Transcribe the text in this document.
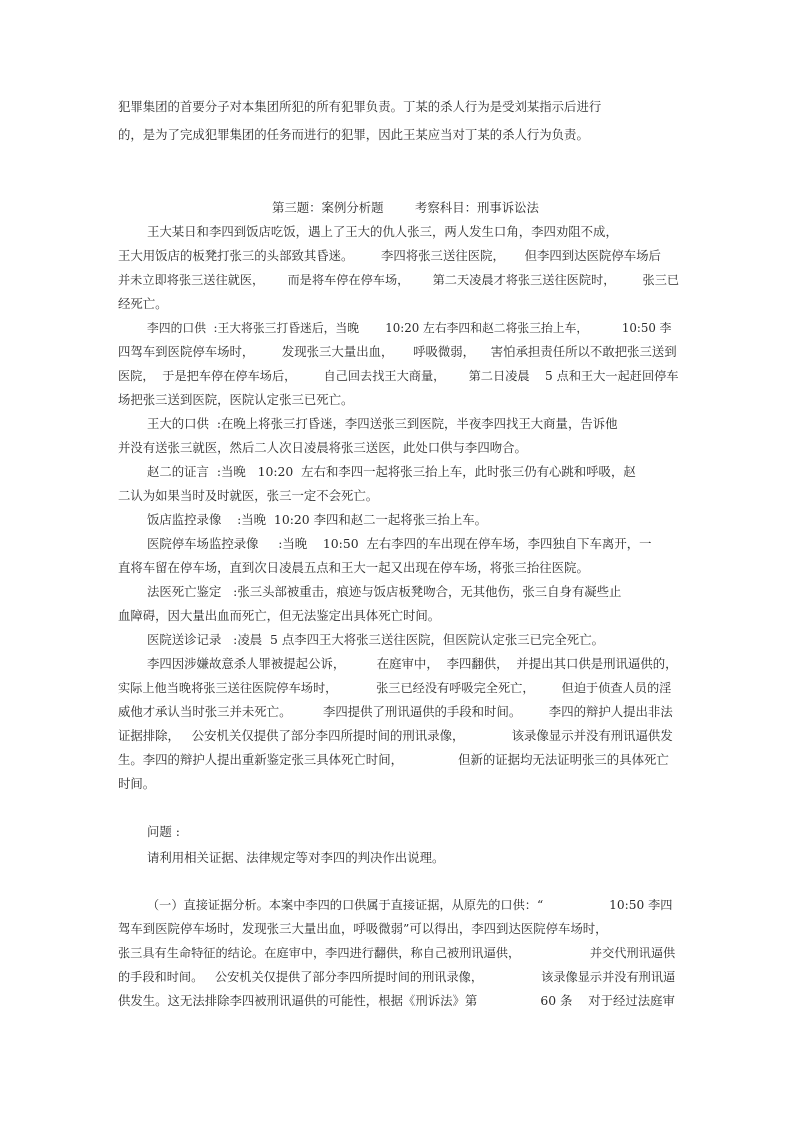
犯罪集团的首要分子对本集团所犯的所有犯罪负责。丁某的杀人行为是受刘某指示后进行

的，是为了完成犯罪集团的任务而进行的犯罪，因此王某应当对丁某的杀人行为负责。

第三题：案例分析题        考察科目：刑事诉讼法

王大某日和李四到饭店吃饭，遇上了王大的仇人张三，两人发生口角，李四劝阻不成，

王大用饭店的板凳打张三的头部致其昏迷。       李四将张三送往医院，     但李四到达医院停车场后

并未立即将张三送往就医，      而是将车停在停车场，      第二天凌晨才将张三送往医院时，       张三已

经死亡。

李四的口供  :王大将张三打昏迷后，当晚       10:20 左右李四和赵二将张三抬上车，         10:50 李

四驾车到医院停车场时，       发现张三大量出血，     呼吸微弱，    害怕承担责任所以不敢把张三送到

医院，  于是把车停在停车场后，       自己回去找王大商量，      第二日凌晨    5 点和王大一起赶回停车

场把张三送到医院，医院认定张三已死亡。

王大的口供  :在晚上将张三打昏迷，李四送张三到医院，半夜李四找王大商量，告诉他

并没有送张三就医，然后二人次日凌晨将张三送医，此处口供与李四吻合。

赵二的证言  :当晚   10:20  左右和李四一起将张三抬上车，此时张三仍有心跳和呼吸，赵

二认为如果当时及时就医，张三一定不会死亡。

饭店监控录像    :当晚  10:20 李四和赵二一起将张三抬上车。

医院停车场监控录像     :当晚    10:50  左右李四的车出现在停车场，李四独自下车离开，一

直将车留在停车场，直到次日凌晨五点和王大一起又出现在停车场，将张三抬往医院。

法医死亡鉴定   :张三头部被重击，痕迹与饭店板凳吻合，无其他伤，张三自身有凝些止

血障碍，因大量出血而死亡，但无法鉴定出具体死亡时间。

医院送诊记录   :凌晨  5 点李四王大将张三送往医院，但医院认定张三已完全死亡。

李四因涉嫌故意杀人罪被提起公诉，        在庭审中，  李四翻供，  并提出其口供是刑讯逼供的，

实际上他当晚将张三送往医院停车场时，          张三已经没有呼吸完全死亡，       但迫于侦查人员的淫

威他才承认当时张三并未死亡。        李四提供了刑讯逼供的手段和时间。       李四的辩护人提出非法

证据排除，   公安机关仅提供了部分李四所提时间的刑讯录像，            该录像显示并没有刑讯逼供发

生。李四的辩护人提出重新鉴定张三具体死亡时间，              但新的证据均无法证明张三的具体死亡

时间。

问题 :

请利用相关证据、法律规定等对李四的判决作出说理。

（一）直接证据分析。本案中李四的口供属于直接证据，从原先的口供：“                 10:50 李四

驾车到医院停车场时，发现张三大量出血，呼吸微弱”可以得出，李四到达医院停车场时，

张三具有生命特征的结论。在庭审中，李四进行翻供，称自己被刑讯逼供，                  并交代刑讯逼供

的手段和时间。   公安机关仅提供了部分李四所提时间的刑讯录像，               该录像显示并没有刑讯逼

供发生。这无法排除李四被刑讯逼供的可能性，根据《刑诉法》第                60 条    对于经过法庭审
